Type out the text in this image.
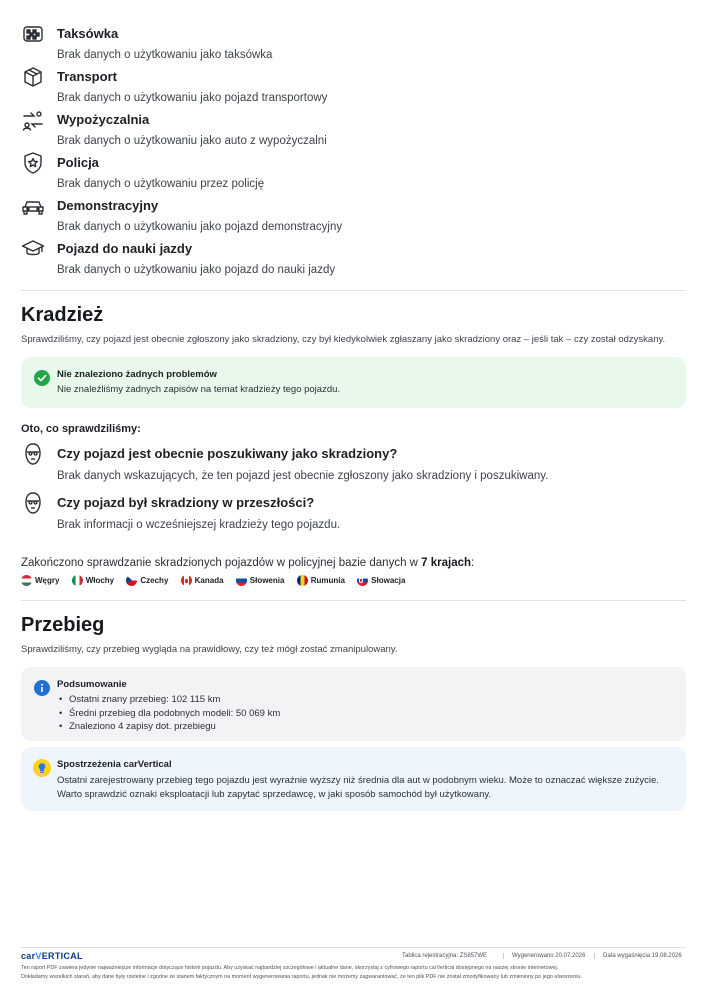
Taksówka
Brak danych o użytkowaniu jako taksówka
Transport
Brak danych o użytkowaniu jako pojazd transportowy
Wypożyczalnia
Brak danych o użytkowaniu jako auto z wypożyczalni
Policja
Brak danych o użytkowaniu przez policję
Demonstracyjny
Brak danych o użytkowaniu jako pojazd demonstracyjny
Pojazd do nauki jazdy
Brak danych o użytkowaniu jako pojazd do nauki jazdy
Kradzież
Sprawdziliśmy, czy pojazd jest obecnie zgłoszony jako skradziony, czy był kiedykolwiek zgłaszany jako skradziony oraz – jeśli tak – czy został odzyskany.
Nie znaleziono żadnych problemów
Nie znaleźliśmy żadnych zapisów na temat kradzieży tego pojazdu.
Oto, co sprawdziliśmy:
Czy pojazd jest obecnie poszukiwany jako skradziony?
Brak danych wskazujących, że ten pojazd jest obecnie zgłoszony jako skradziony i poszukiwany.
Czy pojazd był skradziony w przeszłości?
Brak informacji o wcześniejszej kradzieży tego pojazdu.
Zakończono sprawdzanie skradzionych pojazdów w policyjnej bazie danych w 7 krajach:
Węgry	Włochy	Czechy	Kanada	Słowenia	Rumunia	Słowacja
Przebieg
Sprawdziliśmy, czy przebieg wygląda na prawidłowy, czy też mógł zostać zmanipulowany.
Podsumowanie
• Ostatni znany przebieg: 102 115 km
• Średni przebieg dla podobnych modeli: 50 069 km
• Znaleziono 4 zapisy dot. przebiegu
Spostrzeżenia carVertical
Ostatni zarejestrowany przebieg tego pojazdu jest wyraźnie wyższy niż średnia dla aut w podobnym wieku. Może to oznaczać większe zużycie.
Warto sprawdzić oznaki eksploatacji lub zapytać sprzedawcę, w jaki sposób samochód był użytkowany.
carVERTICAL	Tablica rejestracyjna: ZS857WE	Wygenerowano 20.07.2026	Data wygaśnięcia 19.08.2026
Ten raport PDF zawiera jedynie najważniejsze informacje dotyczące historii pojazdu. Aby uzyskać najbardziej szczegółowe i aktualne dane, skorzystaj z cyfrowego raportu carVertical dostępnego na naszej stronie internetowej.
Dokładamy wszelkich starań, aby dane były rzetelne i zgodne ze stanem faktycznym na moment wygenerowania raportu, jednak nie możemy zagwarantować, że ten plik PDF nie został zmodyfikowany lub zmieniony po jego utworzeniu.
